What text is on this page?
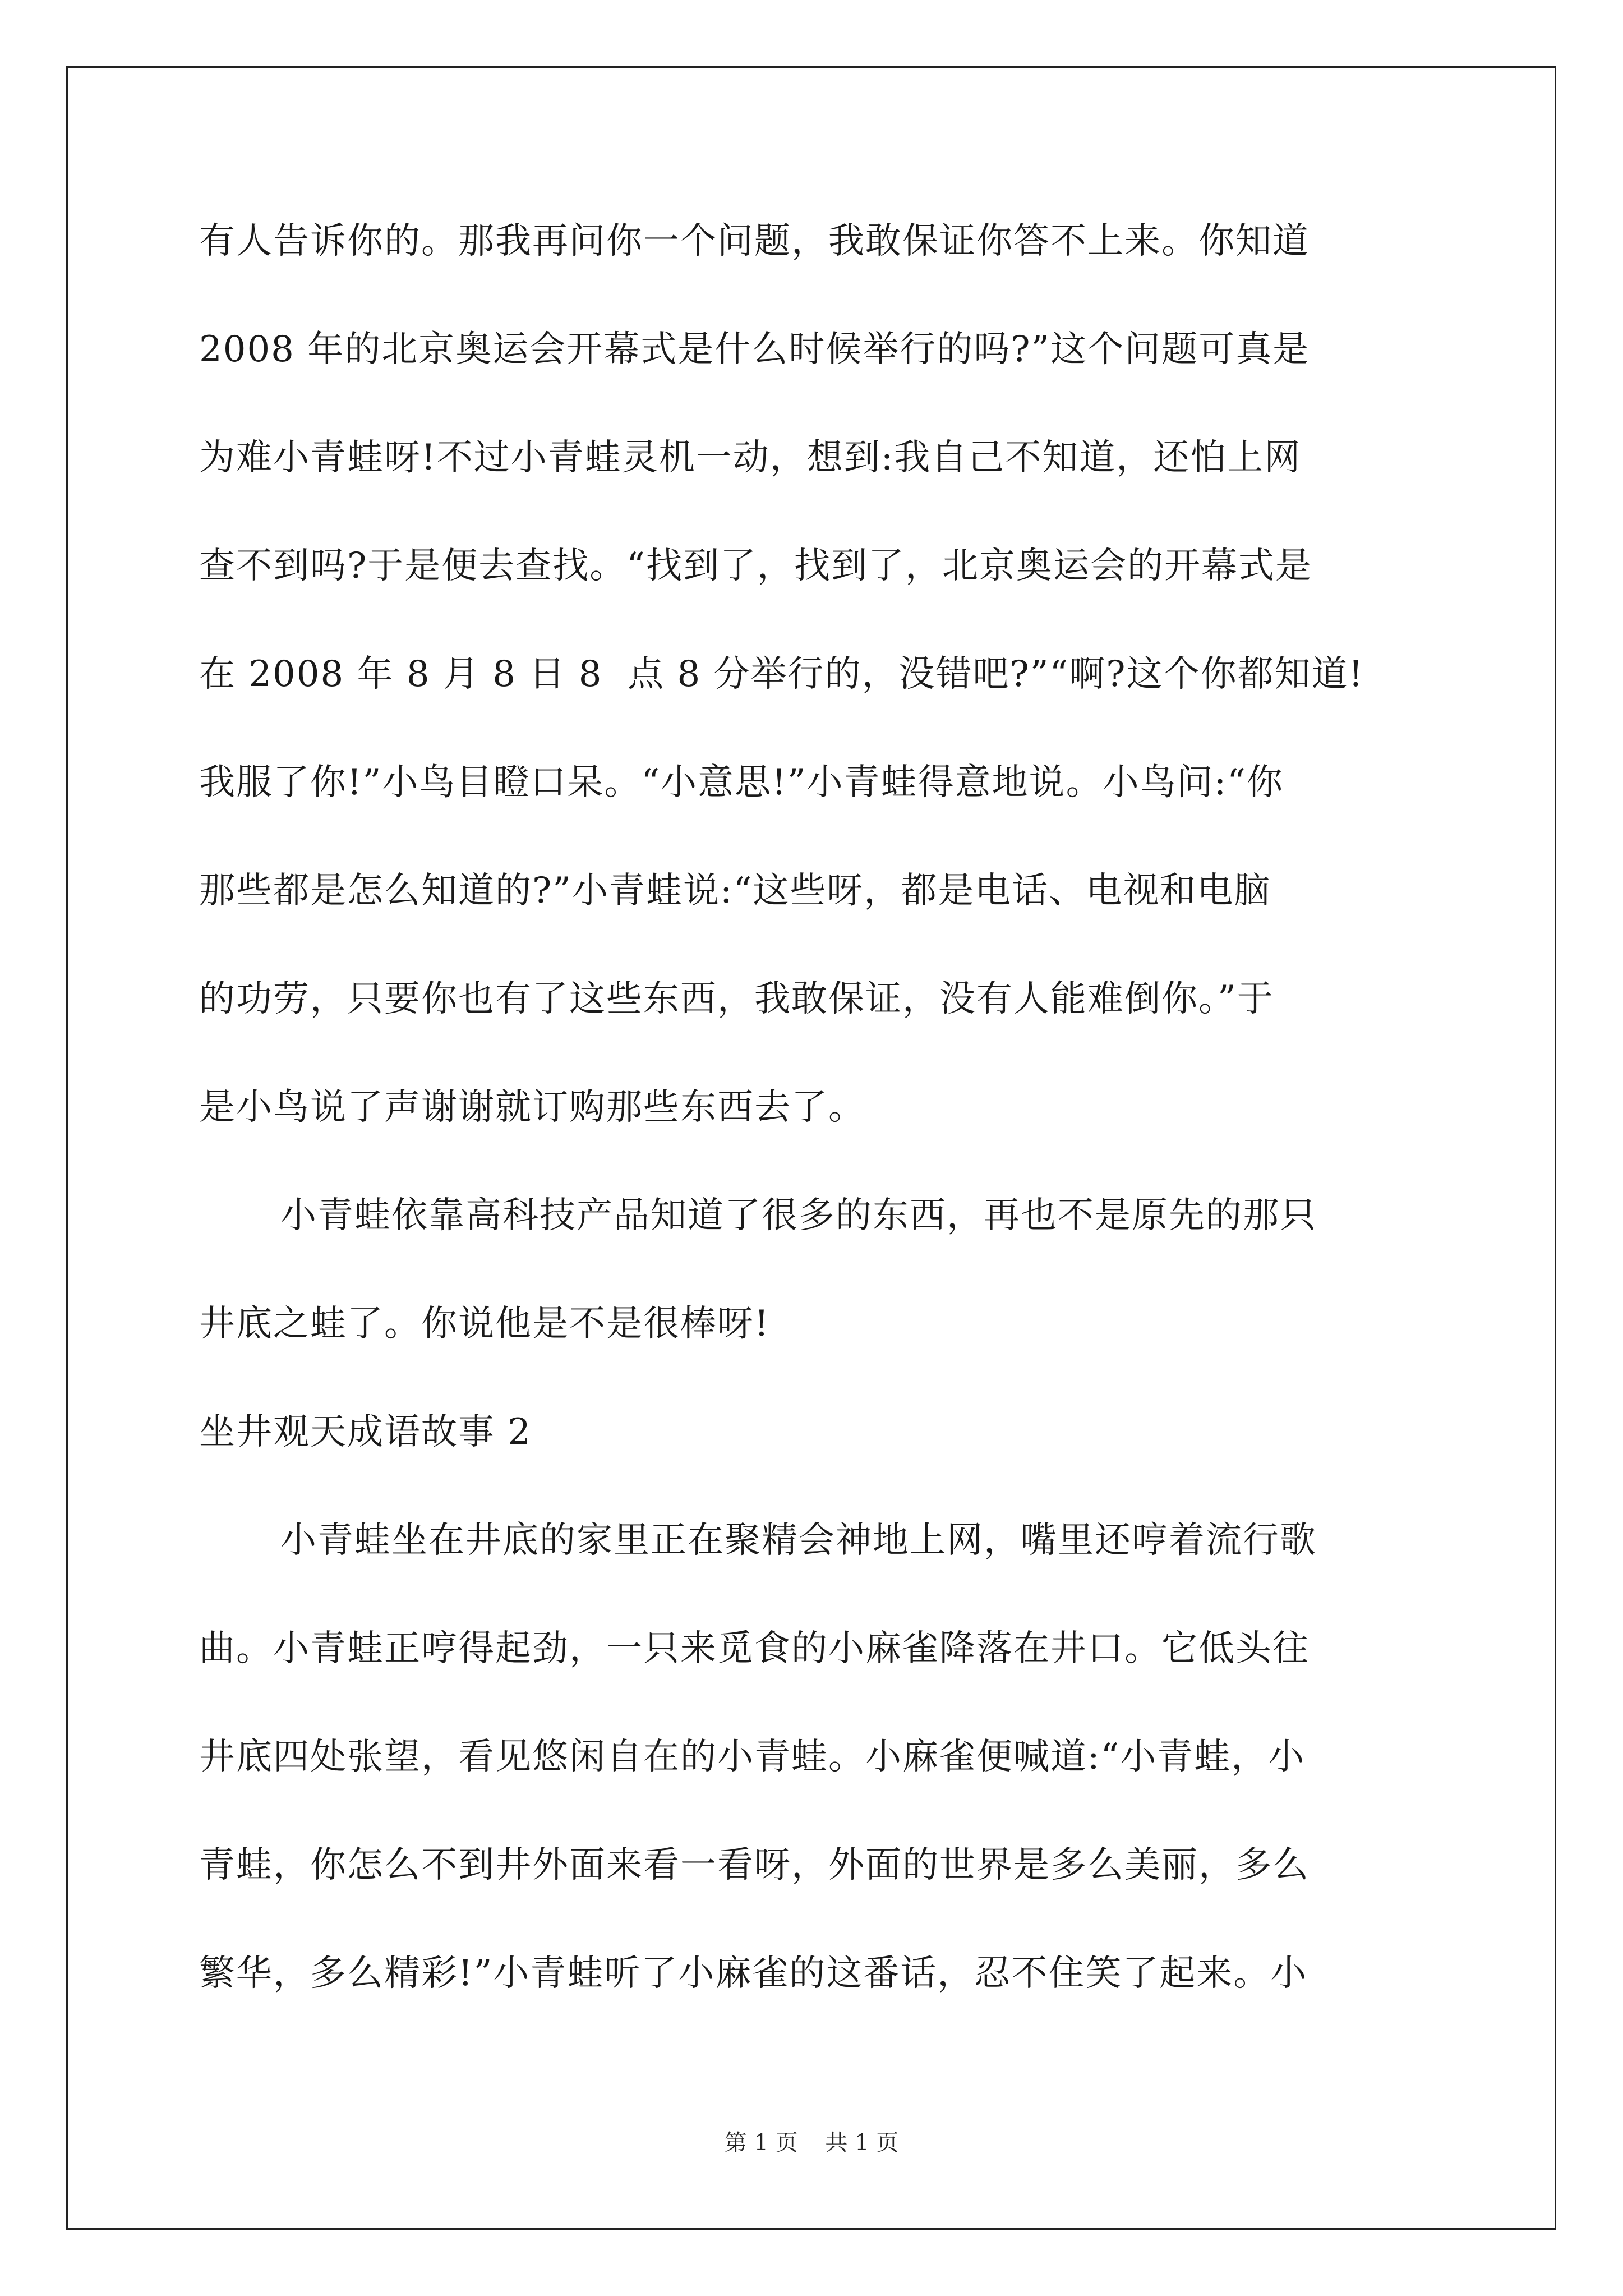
有人告诉你的。那我再问你一个问题，我敢保证你答不上来。你知道
2008 年的北京奥运会开幕式是什么时候举行的吗?”这个问题可真是
为难小青蛙呀!不过小青蛙灵机一动，想到:我自己不知道，还怕上网
查不到吗?于是便去查找。“找到了，找到了，北京奥运会的开幕式是
在 2008 年 8 月 8 日 8  点 8 分举行的，没错吧?”“啊?这个你都知道!
我服了你!”小鸟目瞪口呆。“小意思!”小青蛙得意地说。小鸟问:“你
那些都是怎么知道的?”小青蛙说:“这些呀，都是电话、电视和电脑
的功劳，只要你也有了这些东西，我敢保证，没有人能难倒你。”于
是小鸟说了声谢谢就订购那些东西去了。
小青蛙依靠高科技产品知道了很多的东西，再也不是原先的那只
井底之蛙了。你说他是不是很棒呀!
坐井观天成语故事 2
小青蛙坐在井底的家里正在聚精会神地上网，嘴里还哼着流行歌
曲。小青蛙正哼得起劲，一只来觅食的小麻雀降落在井口。它低头往
井底四处张望，看见悠闲自在的小青蛙。小麻雀便喊道:“小青蛙，小
青蛙，你怎么不到井外面来看一看呀，外面的世界是多么美丽，多么
繁华，多么精彩!”小青蛙听了小麻雀的这番话，忍不住笑了起来。小
第 1 页 共 1 页
